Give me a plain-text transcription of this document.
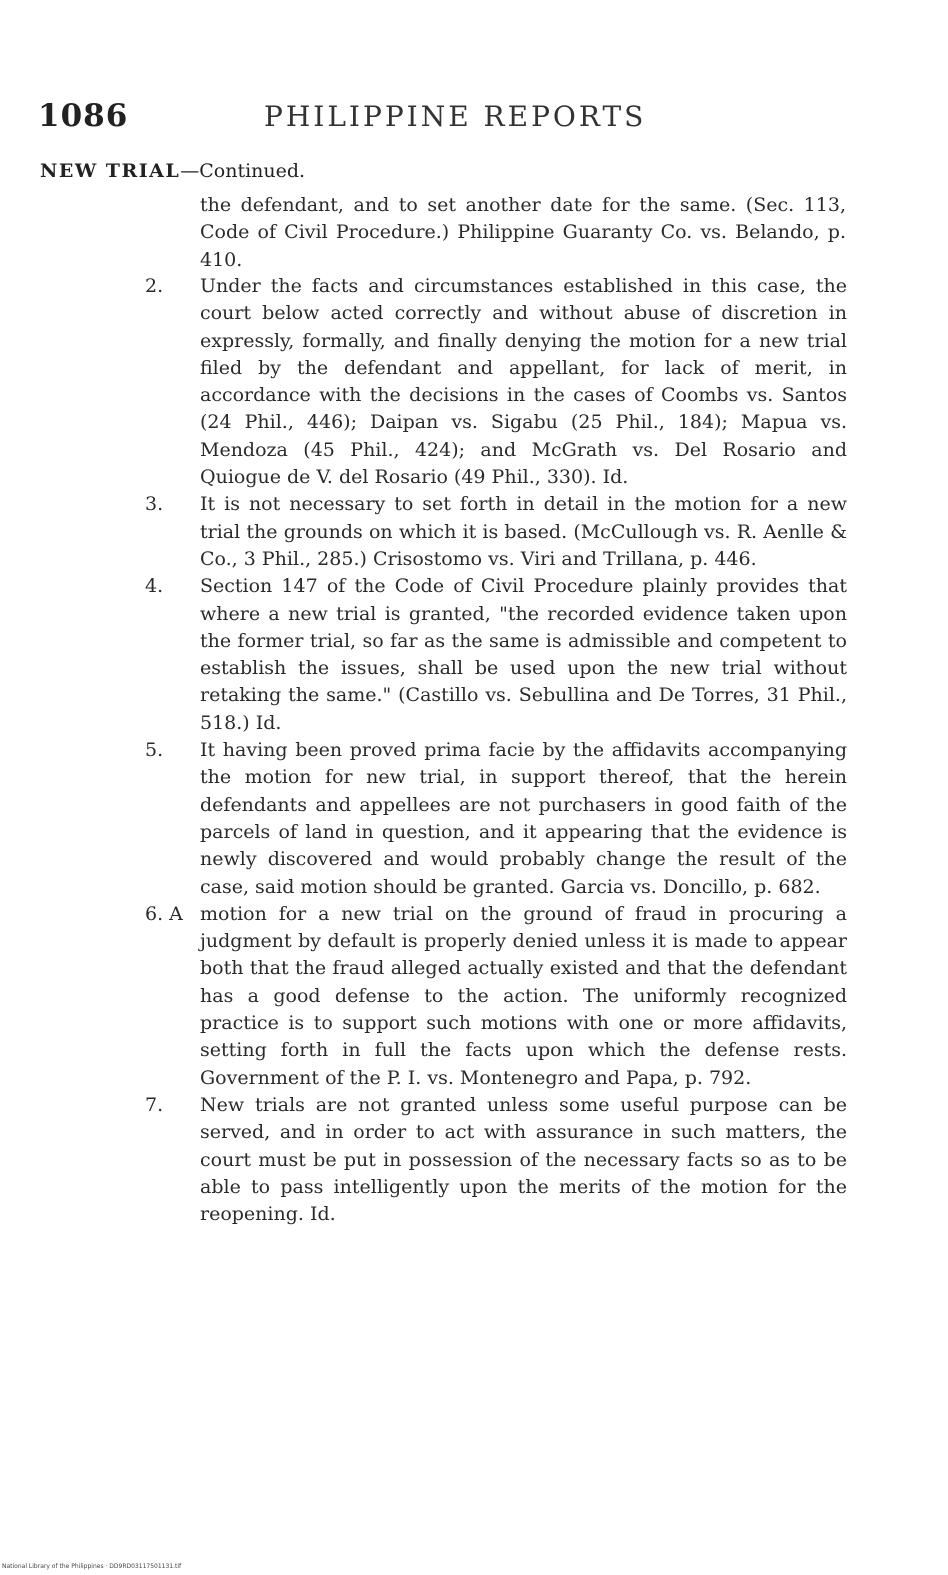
1086	PHILIPPINE REPORTS
NEW TRIAL—Continued.

the defendant, and to set another date for the same. (Sec. 113, Code of Civil Procedure.) Philippine Guaranty Co. vs. Belando, p. 410.

2.	Under the facts and circumstances established in this case, the court below acted correctly and without abuse of discretion in expressly, formally, and finally denying the motion for a new trial filed by the defendant and appellant, for lack of merit, in accordance with the decisions in the cases of Coombs vs. Santos (24 Phil., 446); Daipan vs. Sigabu (25 Phil., 184); Mapua vs. Mendoza (45 Phil., 424); and McGrath vs. Del Rosario and Quiogue de V. del Rosario (49 Phil., 330). Id.
3.	It is not necessary to set forth in detail in the motion for a new trial the grounds on which it is based. (McCullough vs. R. Aenlle & Co., 3 Phil., 285.) Crisostomo vs. Viri and Trillana, p. 446.
4.	Section 147 of the Code of Civil Procedure plainly provides that where a new trial is granted, "the recorded evidence taken upon the former trial, so far as the same is admissible and competent to establish the issues, shall be used upon the new trial without retaking the same." (Castillo vs. Sebullina and De Torres, 31 Phil., 518.) Id.
5.	It having been proved prima facie by the affidavits accompanying the motion for new trial, in support thereof, that the herein defendants and appellees are not purchasers in good faith of the parcels of land in question, and it appearing that the evidence is newly discovered and would probably change the result of the case, said motion should be granted. Garcia vs. Doncillo, p. 682.
6. A motion for a new trial on the ground of fraud in procuring a judgment by default is properly denied unless it is made to appear both that the fraud alleged actually existed and that the defendant has a good defense to the action. The uniformly recognized practice is to support such motions with one or more affidavits, setting forth in full the facts upon which the defense rests. Government of the P. I. vs. Montenegro and Papa, p. 792.
7.	New trials are not granted unless some useful purpose can be served, and in order to act with assurance in such matters, the court must be put in possession of the necessary facts so as to be able to pass intelligently upon the merits of the motion for the reopening. Id.
National Library of the Philippines · DD9RD03117501131.tif
